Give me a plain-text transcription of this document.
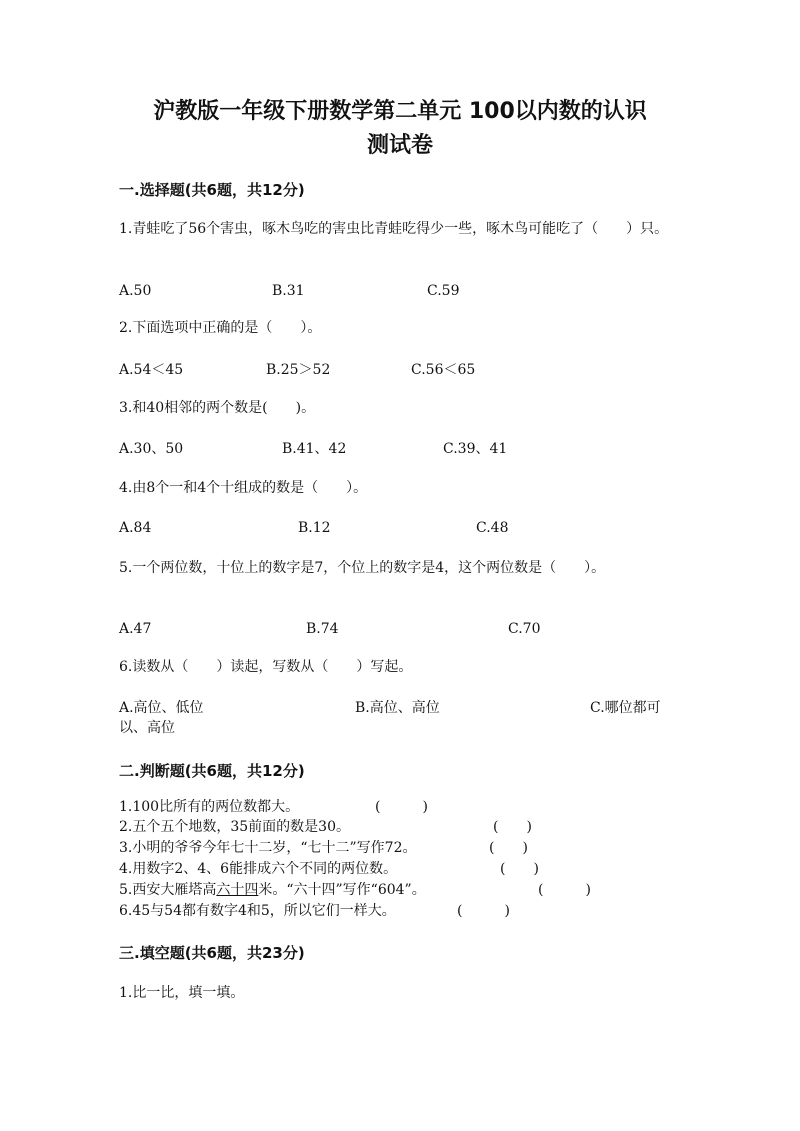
沪教版一年级下册数学第二单元 100以内数的认识
测试卷
一.选择题(共6题，共12分)
1.青蛙吃了56个害虫，啄木鸟吃的害虫比青蛙吃得少一些，啄木鸟可能吃了（　　）只。
A.50	B.31	C.59
2.下面选项中正确的是（　　）。
A.54＜45	B.25＞52	C.56＜65
3.和40相邻的两个数是(　　)。
A.30、50	B.41、42	C.39、41
4.由8个一和4个十组成的数是（　　）。
A.84	B.12	C.48
5.一个两位数，十位上的数字是7，个位上的数字是4，这个两位数是（　　）。
A.47	B.74	C.70
6.读数从（　　）读起，写数从（　　）写起。
A.高位、低位	B.高位、高位	C.哪位都可
以、高位
二.判断题(共6题，共12分)
1.100比所有的两位数都大。	(　　　)
2.五个五个地数，35前面的数是30。	(　　)
3.小明的爷爷今年七十二岁，“七十二”写作72。	(　　)
4.用数字2、4、6能排成六个不同的两位数。	(　　)
5.西安大雁塔高六十四米。“六十四”写作“604”。	(　　　)
6.45与54都有数字4和5，所以它们一样大。	(　　　)
三.填空题(共6题，共23分)
1.比一比，填一填。
